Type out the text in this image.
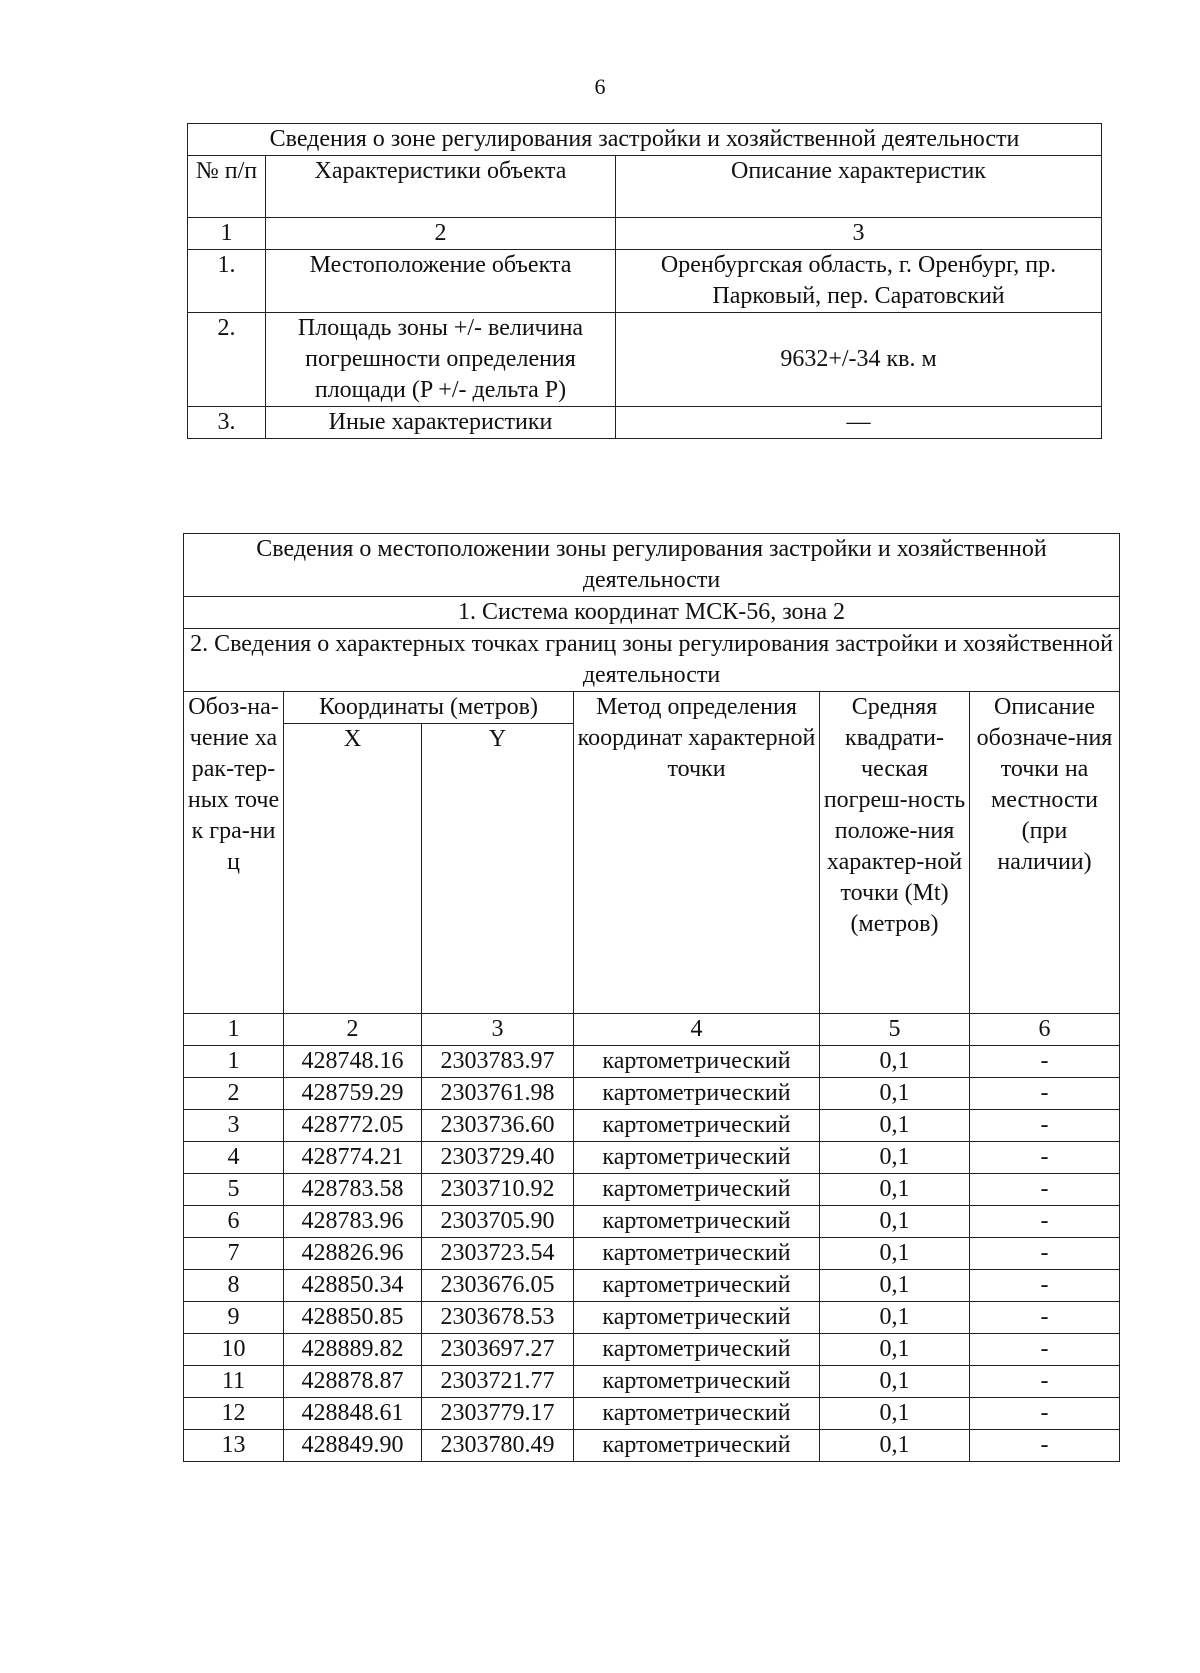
6
Сведения о зоне регулирования застройки и хозяйственной деятельности		
№ п/п	Характеристики объекта	Описание характеристик
1	2	3
1.	Местоположение объекта	Оренбургская область, г. Оренбург, пр. Парковый, пер. Саратовский
2.	Площадь зоны +/- величина погрешности определения площади (P +/- дельта P)	9632+/-34 кв. м
3.	Иные характеристики	—
Сведения о местоположении зоны регулирования застройки и хозяйственной деятельности					
1. Система координат МСК-56, зона 2					
2. Сведения о характерных точках границ зоны регулирования застройки и хозяйственной деятельности					
Обоз-на-чение харак-тер-ных точек гра-ниц	Координаты (метров)		Метод определения координат характерной точки	Средняя квадрати-ческая погреш-ность положе-ния характер-ной точки (Mt) (метров)	Описание обозначе-ния точки на местности (при наличии)
	X	Y			
1	2	3	4	5	6
1	428748.16	2303783.97	картометрический	0,1	-
2	428759.29	2303761.98	картометрический	0,1	-
3	428772.05	2303736.60	картометрический	0,1	-
4	428774.21	2303729.40	картометрический	0,1	-
5	428783.58	2303710.92	картометрический	0,1	-
6	428783.96	2303705.90	картометрический	0,1	-
7	428826.96	2303723.54	картометрический	0,1	-
8	428850.34	2303676.05	картометрический	0,1	-
9	428850.85	2303678.53	картометрический	0,1	-
10	428889.82	2303697.27	картометрический	0,1	-
11	428878.87	2303721.77	картометрический	0,1	-
12	428848.61	2303779.17	картометрический	0,1	-
13	428849.90	2303780.49	картометрический	0,1	-
